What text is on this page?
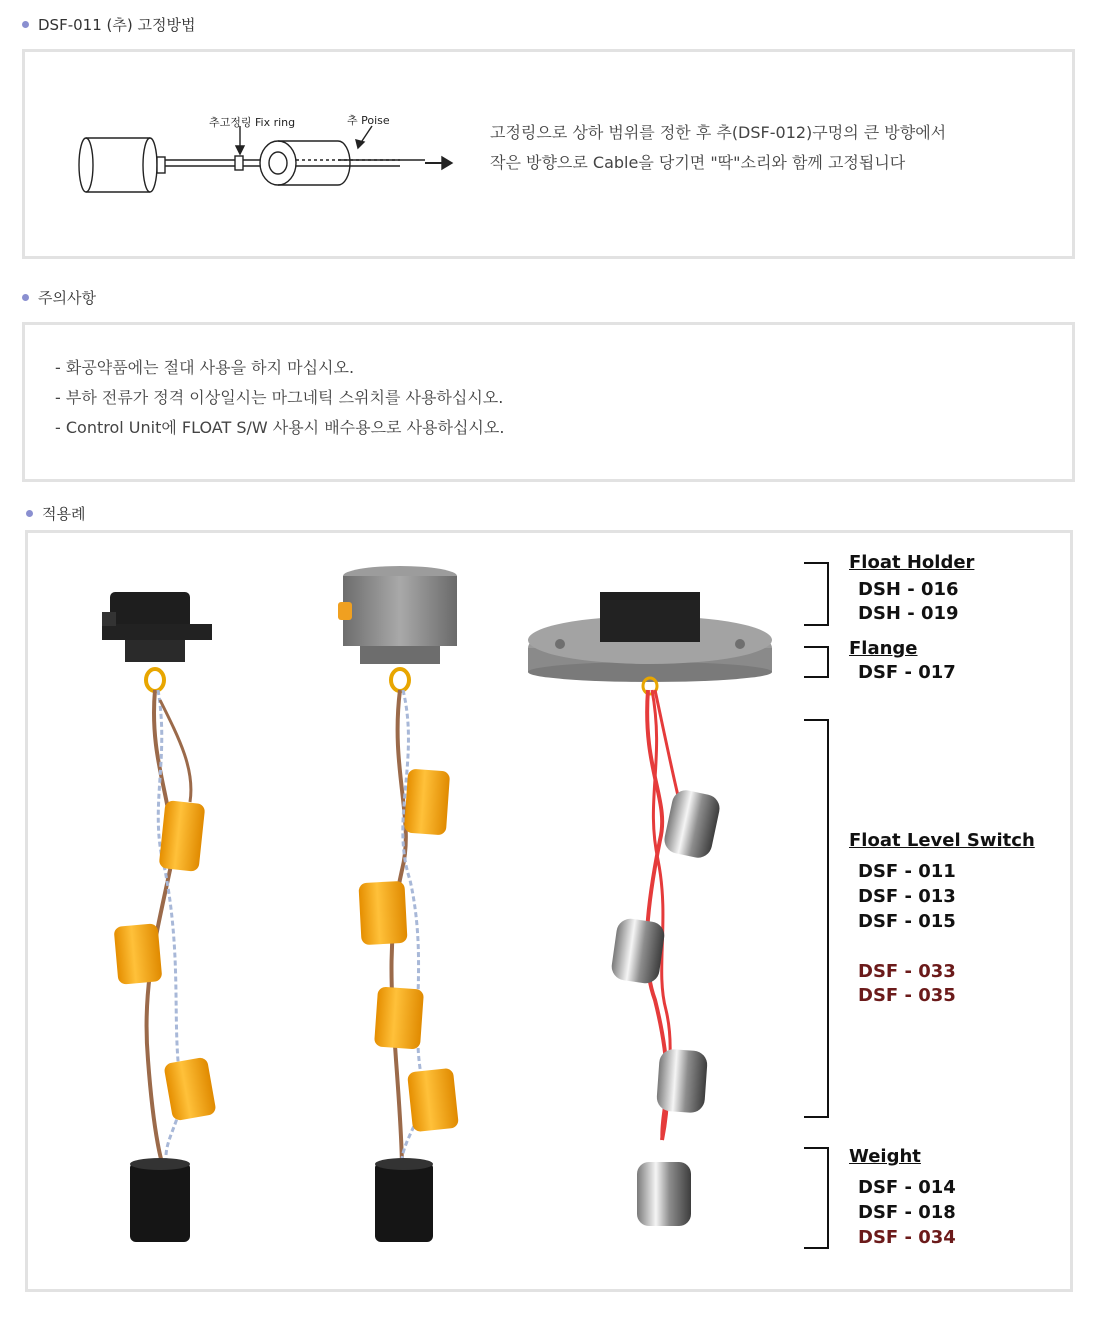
DSF-011 (추) 고정방법
추고정링 Fix ring	추 Poise
고정링으로 상하 범위를 정한 후 추(DSF-012)구멍의 큰 방향에서
작은 방향으로 Cable을 당기면 "딱"소리와 함께 고정됩니다
주의사항
- 화공약품에는 절대 사용을 하지 마십시오.
- 부하 전류가 정격 이상일시는 마그네틱 스위치를 사용하십시오.
- Control Unit에 FLOAT S/W 사용시 배수용으로 사용하십시오.
적용례
Float Holder
DSH - 016
DSH - 019
Flange
DSF - 017
Float Level Switch
DSF - 011
DSF - 013
DSF - 015
DSF - 033
DSF - 035
Weight
DSF - 014
DSF - 018
DSF - 034
